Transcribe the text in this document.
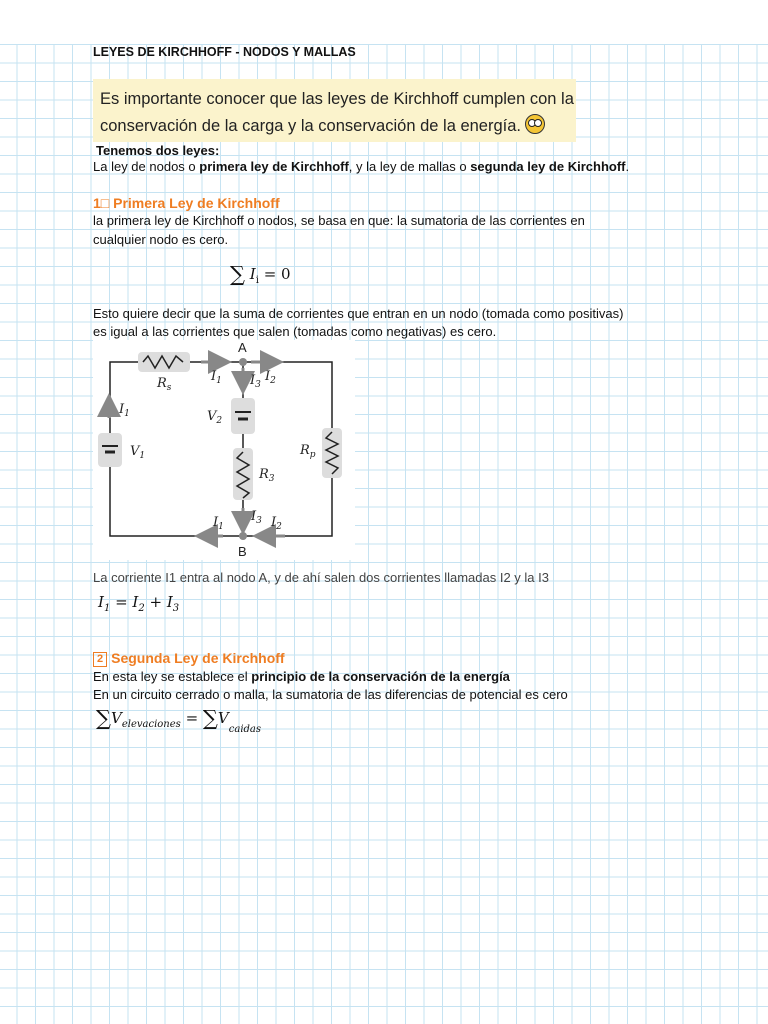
LEYES DE KIRCHHOFF - NODOS Y MALLAS
Es importante conocer que las leyes de Kirchhoff cumplen con la
conservación de la carga y la conservación de la energía.
Tenemos dos leyes:
La ley de nodos o primera ley de Kirchhoff, y la ley de mallas o segunda ley de Kirchhoff.
1□ Primera Ley de Kirchhoff
la primera ley de Kirchhoff o nodos, se basa en que: la sumatoria de las corrientes en
cualquier nodo es cero.
∑ $I_i = 0$
Esto quiere decir que la suma de corrientes que entran en un nodo (tomada como positivas)
es igual a las corrientes que salen (tomadas como negativas) es cero.
A
B
$R_s$
$I_1$ $I_3$
$I_2$
$I_1$
$V_1$
$V_2$
$R_3$
$R_p$
$I_3$
$I_1$	$I_2$
La corriente I1 entra al nodo A, y de ahí salen dos corrientes llamadas I2 y la I3
$I_1 = I_2 + I_3$
2 Segunda Ley de Kirchhoff
En esta ley se establece el principio de la conservación de la energía
En un circuito cerrado o malla, la sumatoria de las diferencias de potencial es cero
$\sum V_{elevaciones} = \sum V_{caidas}$
